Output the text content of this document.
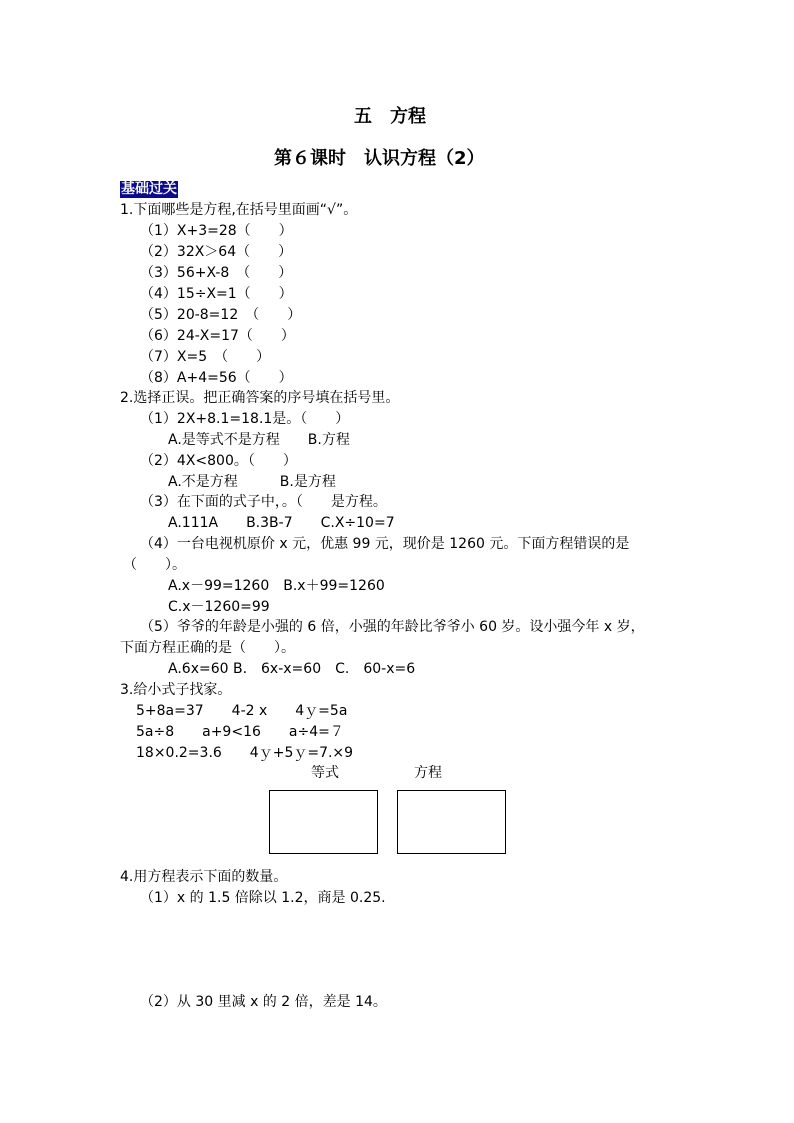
五　方程
第６课时　认识方程（2）
基础过关
1.下面哪些是方程,在括号里面画“√”。
（1）X+3=28（　　）
（2）32X＞64（　　）
（3）56+X-8　（　　）
（4）15÷X=1（　　）
（5）20-8=12　（　　）
（6）24-X=17（　　）
（7）X=5　（　　）
（8）A+4=56（　　）
2.选择正误。把正确答案的序号填在括号里。
（1）2X+8.1=18.1是。（　　）
A.是等式不是方程　　B.方程
（2）4X<800。（　　）
A.不是方程　　　B.是方程
（3）在下面的式子中，。（　　是方程。
A.111A　　B.3B-7　　C.X÷10=7
（4）一台电视机原价 x 元，优惠 99 元，现价是 1260 元。下面方程错误的是
（　　）。
A.x－99=1260　B.x＋99=1260
C.x－1260=99
（5）爷爷的年龄是小强的 6 倍，小强的年龄比爷爷小 60 岁。设小强今年 x 岁，
下面方程正确的是（　　）。
A.6x=60 B.　6x-x=60　C.　60-x=6
3.给小式子找家。
5+8a=37　　4-2 x　　4ｙ=5a
5a÷8　　a+9<16　　a÷4=７
18×0.2=3.6　　4ｙ+5ｙ=7.×9
等式	方程
4.用方程表示下面的数量。
（1）x 的 1.5 倍除以 1.2，商是 0.25.
（2）从 30 里减 x 的 2 倍，差是 14。
